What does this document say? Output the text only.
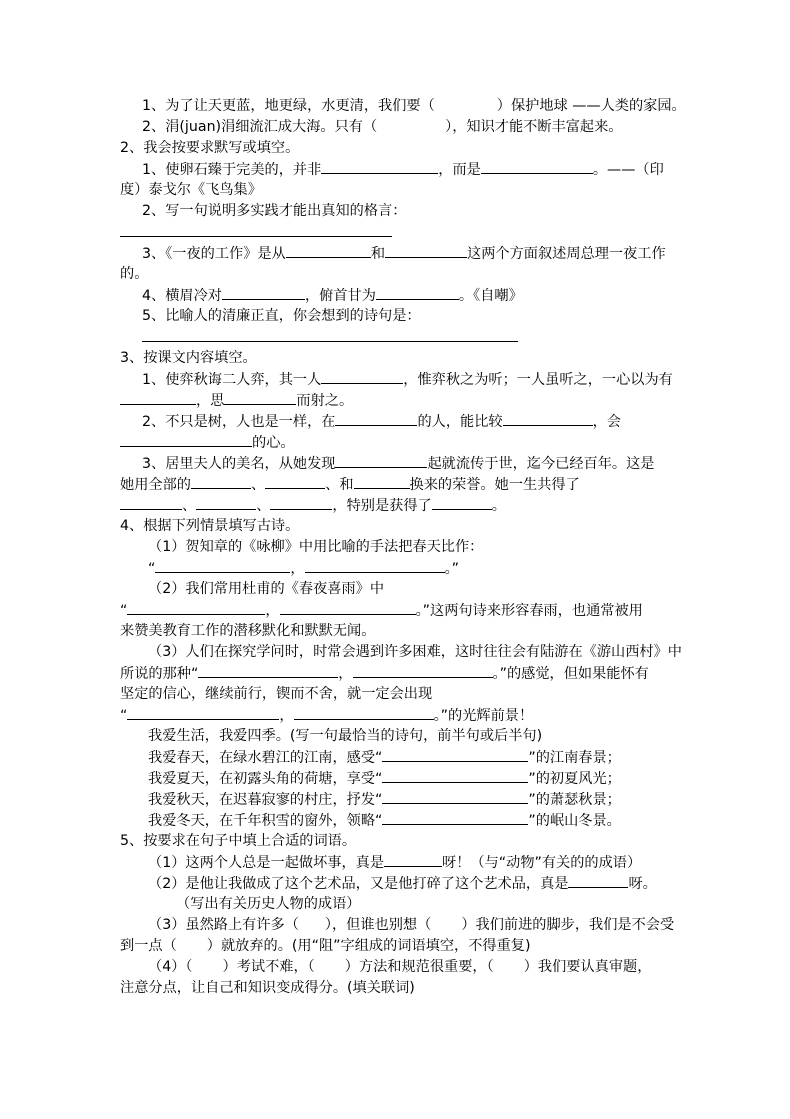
1、为了让天更蓝，地更绿，水更清，我们要（	）保护地球 ——人类的家园。
2、涓(juan)涓细流汇成大海。只有（	），知识才能不断丰富起来。
2、我会按要求默写或填空。
1、使卵石臻于完美的，并非	，而是	。——（印
度）泰戈尔《飞鸟集》
2、写一句说明多实践才能出真知的格言：
3、《一夜的工作》是从	和	这两个方面叙述周总理一夜工作
的。
4、横眉冷对	，俯首甘为	。《自嘲》
5、比喻人的清廉正直，你会想到的诗句是：
3、按课文内容填空。
1、使弈秋诲二人弈，其一人	，惟弈秋之为听；一人虽听之，一心以为有
，思	而射之。
2、不只是树，人也是一样，在	的人，能比较	，会
的心。
3、居里夫人的美名，从她发现	起就流传于世，迄今已经百年。这是
她用全部的	、	、和	换来的荣誉。她一生共得了
、	、	，特别是获得了	。
4、根据下列情景填写古诗。
（1）贺知章的《咏柳》中用比喻的手法把春天比作：
“	，	。”
（2）我们常用杜甫的《春夜喜雨》中
“	，	。”这两句诗来形容春雨，也通常被用
来赞美教育工作的潜移默化和默默无闻。
（3）人们在探究学问时，时常会遇到许多困难，这时往往会有陆游在《游山西村》中
所说的那种“	，	。”的感觉，但如果能怀有
坚定的信心，继续前行，锲而不舍，就一定会出现
“	，	。”的光辉前景！
我爱生活，我爱四季。(写一句最恰当的诗句，前半句或后半句)
我爱春天，在绿水碧江的江南，感受“	”的江南春景；
我爱夏天，在初露头角的荷塘，享受“	”的初夏风光；
我爱秋天，在迟暮寂寥的村庄，抒发“	”的萧瑟秋景；
我爱冬天，在千年积雪的窗外，领略“	”的岷山冬景。
5、按要求在句子中填上合适的词语。
（1）这两个人总是一起做坏事，真是	呀！（与“动物”有关的的成语）
（2）是他让我做成了这个艺术品，又是他打碎了这个艺术品，真是	呀。
（写出有关历史人物的成语）
（3）虽然路上有许多（ ），但谁也别想（ ）我们前进的脚步，我们是不会受
到一点（ ）就放弃的。(用“阻”字组成的词语填空，不得重复)
（4）（ ）考试不难，（ ）方法和规范很重要，（ ）我们要认真审题，
注意分点，让自己和知识变成得分。(填关联词)
